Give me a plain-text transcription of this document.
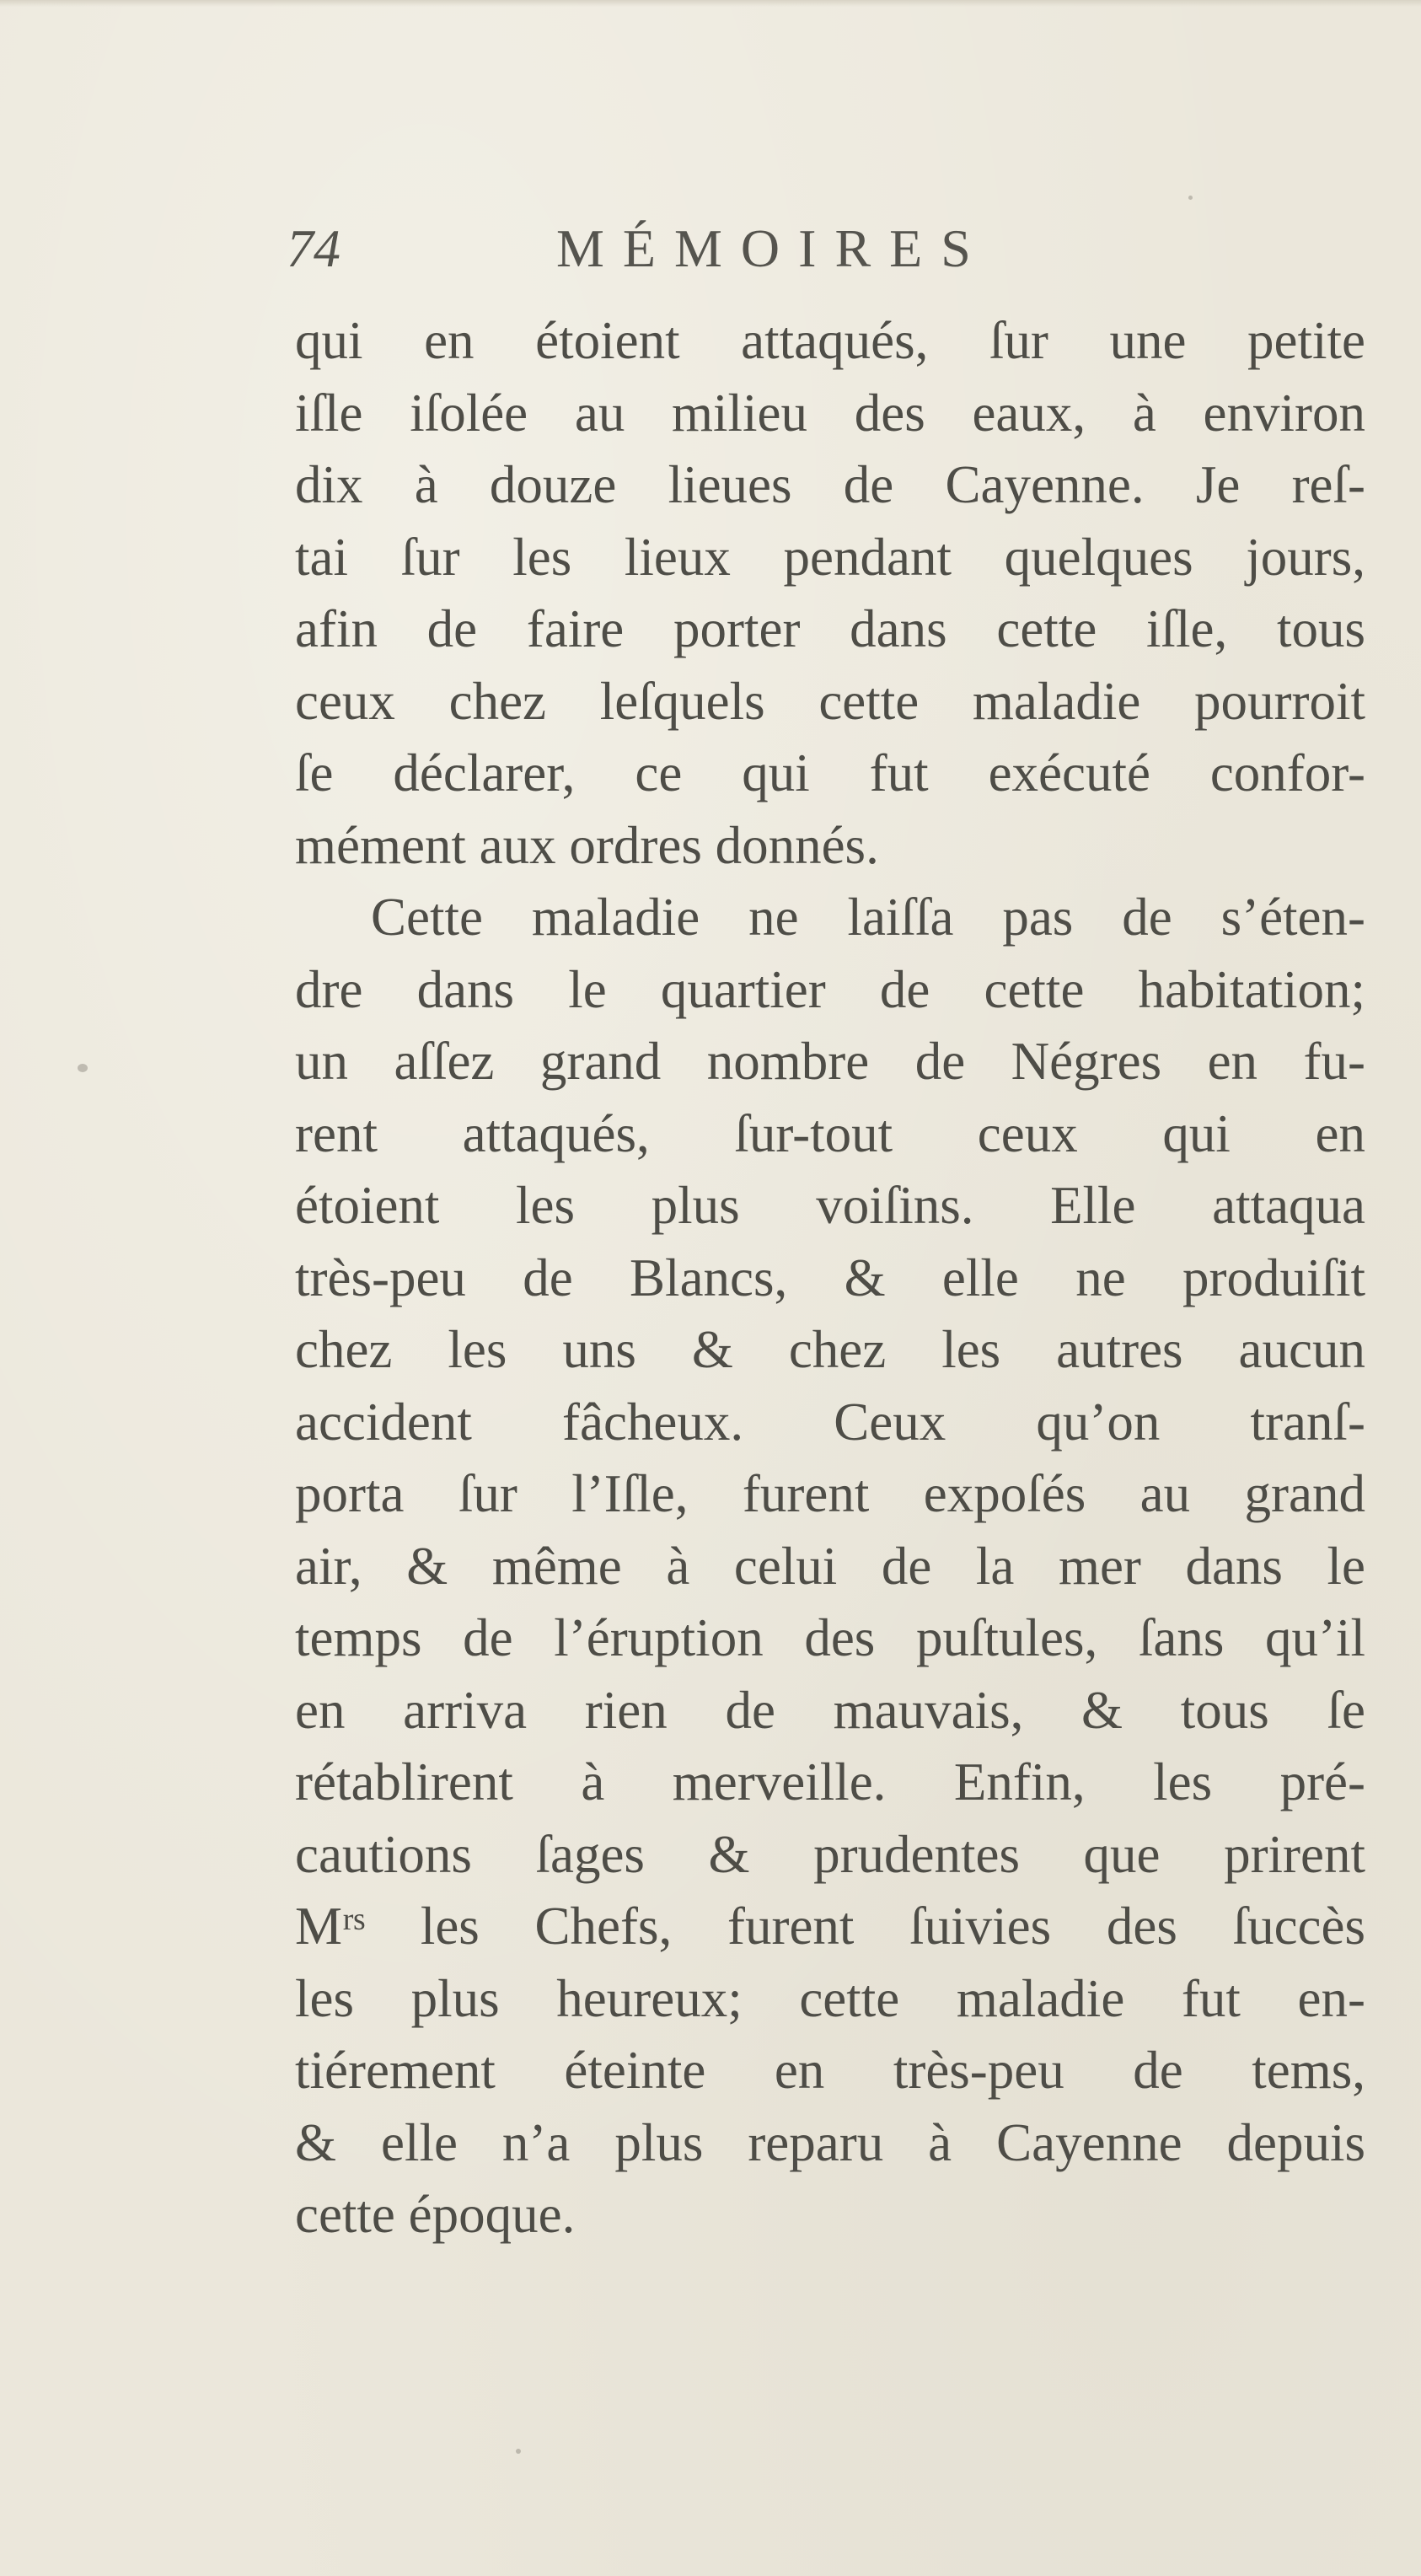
74	MÉMOIRES
qui en étoient attaqués, ſur une petite
iſle iſolée au milieu des eaux, à environ
dix à douze lieues de Cayenne. Je reſ-
tai ſur les lieux pendant quelques jours,
afin de faire porter dans cette iſle, tous
ceux chez leſquels cette maladie pourroit
ſe déclarer, ce qui fut exécuté confor-
mément aux ordres donnés.
Cette maladie ne laiſſa pas de s’éten-
dre dans le quartier de cette habitation;
un aſſez grand nombre de Négres en fu-
rent attaqués, ſur-tout ceux qui en
étoient les plus voiſins. Elle attaqua
très-peu de Blancs, & elle ne produiſit
chez les uns & chez les autres aucun
accident fâcheux. Ceux qu’on tranſ-
porta ſur l’Iſle, furent expoſés au grand
air, & même à celui de la mer dans le
temps de l’éruption des puſtules, ſans qu’il
en arriva rien de mauvais, & tous ſe
rétablirent à merveille. Enfin, les pré-
cautions ſages & prudentes que prirent
Mʳˢ les Chefs, furent ſuivies des ſuccès
les plus heureux; cette maladie fut en-
tiérement éteinte en très-peu de tems,
& elle n’a plus reparu à Cayenne depuis
cette époque.
